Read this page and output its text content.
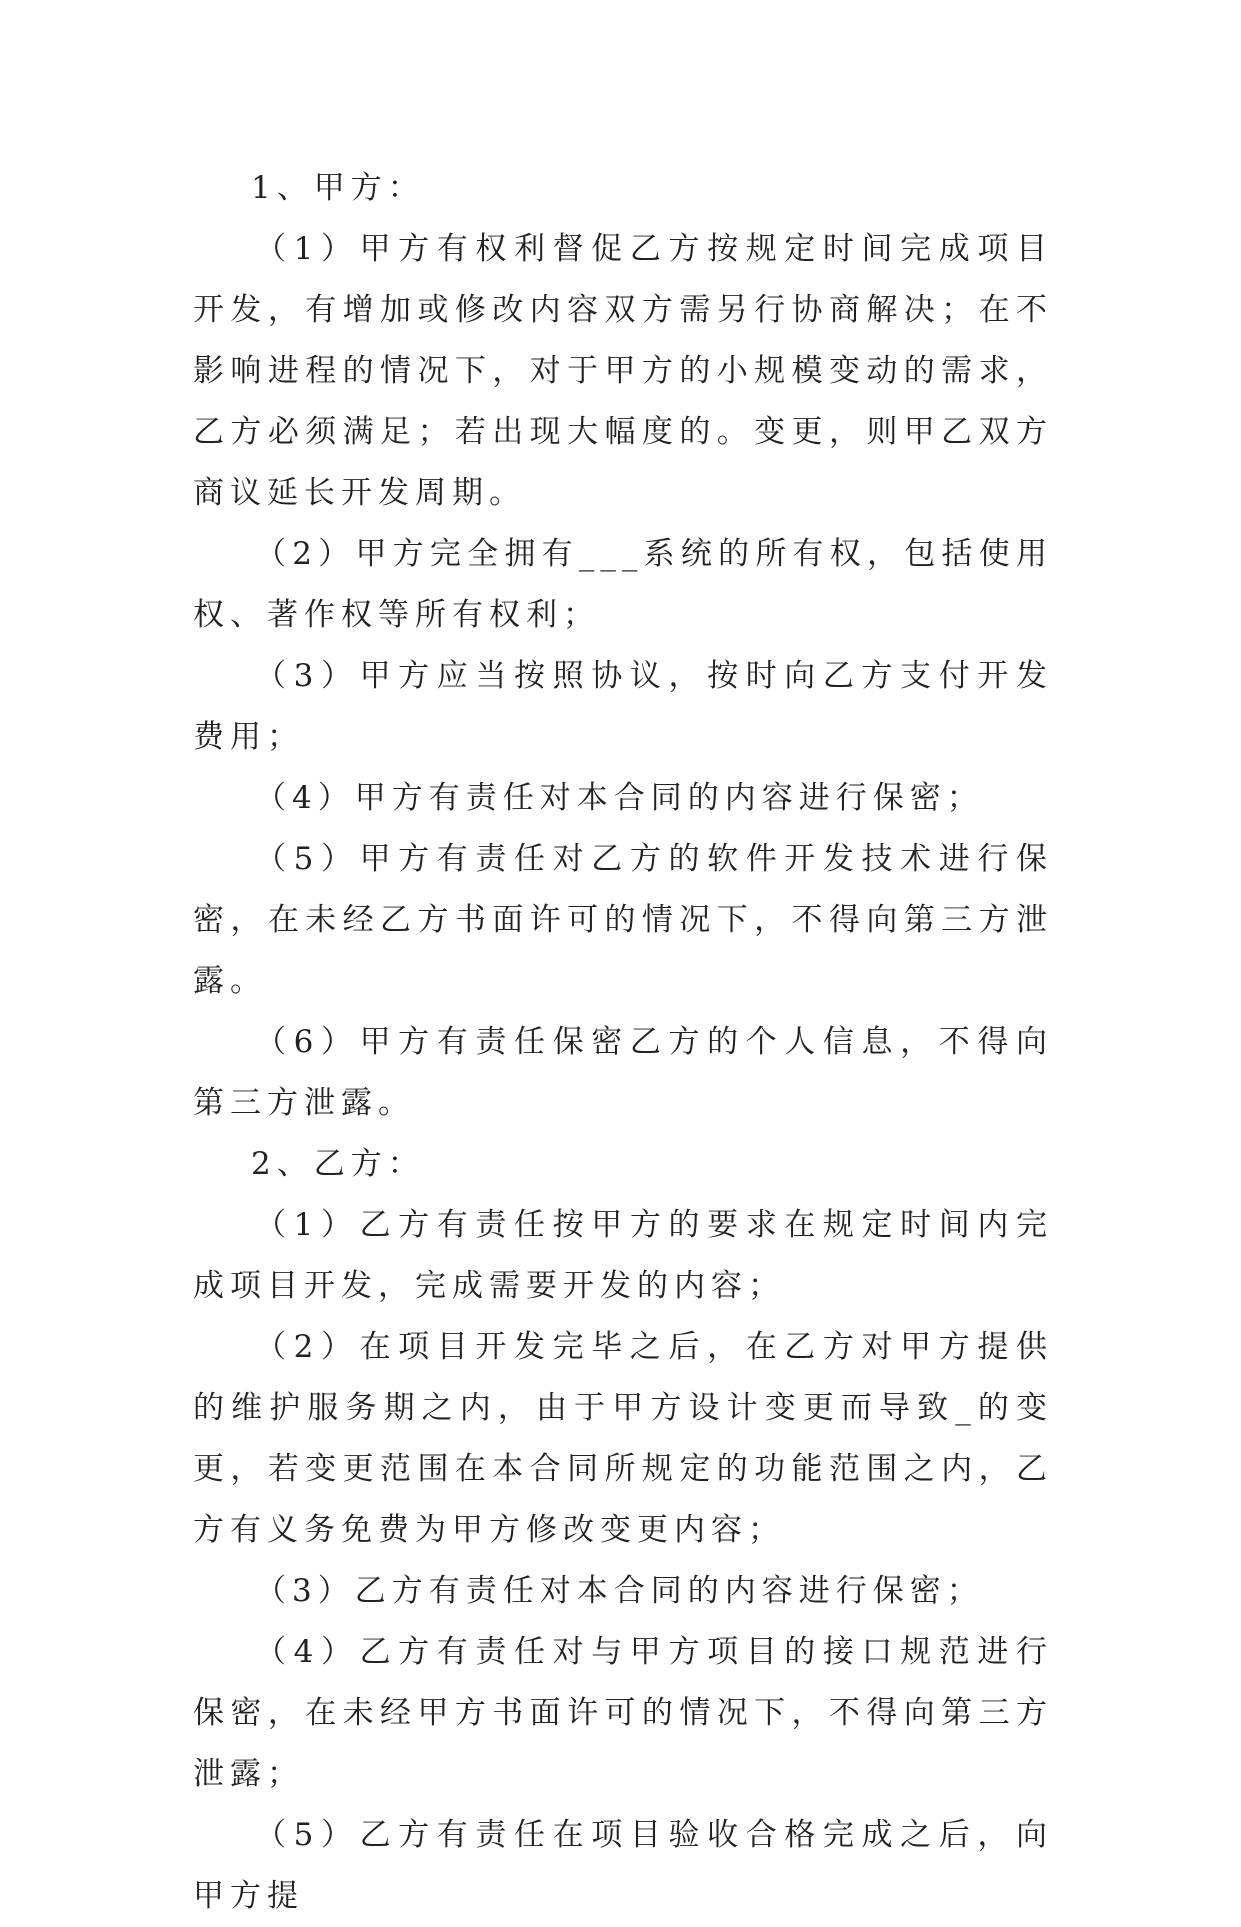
1、甲方：

（1）甲方有权利督促乙方按规定时间完成项目开发，有增加或修改内容双方需另行协商解决；在不影响进程的情况下，对于甲方的小规模变动的需求，乙方必须满足；若出现大幅度的。变更，则甲乙双方商议延长开发周期。

（2）甲方完全拥有___系统的所有权，包括使用权、著作权等所有权利；

（3）甲方应当按照协议，按时向乙方支付开发费用；

（4）甲方有责任对本合同的内容进行保密；

（5）甲方有责任对乙方的软件开发技术进行保密，在未经乙方书面许可的情况下，不得向第三方泄露。

（6）甲方有责任保密乙方的个人信息，不得向第三方泄露。

2、乙方：

（1）乙方有责任按甲方的要求在规定时间内完成项目开发，完成需要开发的内容；

（2）在项目开发完毕之后，在乙方对甲方提供的维护服务期之内，由于甲方设计变更而导致_的变更，若变更范围在本合同所规定的功能范围之内，乙方有义务免费为甲方修改变更内容；

（3）乙方有责任对本合同的内容进行保密；

（4）乙方有责任对与甲方项目的接口规范进行保密，在未经甲方书面许可的情况下，不得向第三方泄露；

（5）乙方有责任在项目验收合格完成之后，向甲方提
